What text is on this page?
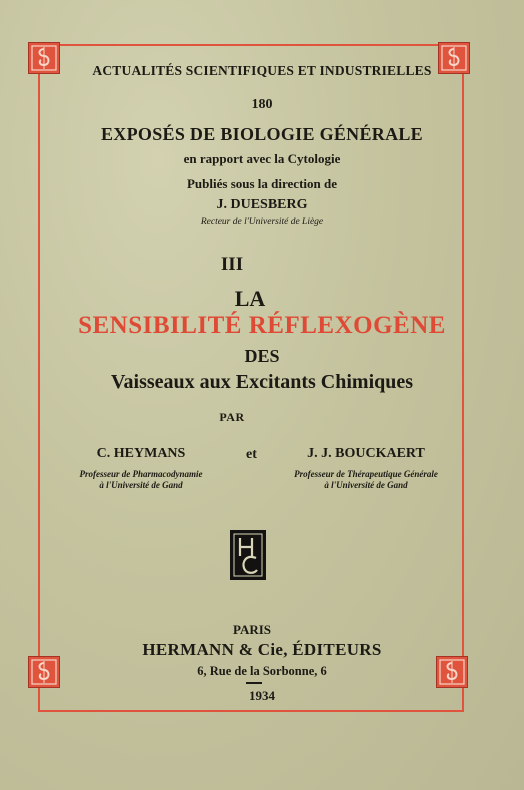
ACTUALITÉS SCIENTIFIQUES ET INDUSTRIELLES
180
EXPOSÉS DE BIOLOGIE GÉNÉRALE
en rapport avec la Cytologie
Publiés sous la direction de
J. DUESBERG
Recteur de l'Université de Liège
III
LA
SENSIBILITÉ RÉFLEXOGÈNE
DES
Vaisseaux aux Excitants Chimiques
PAR
C. HEYMANS	et	J. J. BOUCKAERT
Professeur de Pharmacodynamie
à l'Université de Gand
Professeur de Thérapeutique Générale
à l'Université de Gand
PARIS
HERMANN & Cie, ÉDITEURS
6, Rue de la Sorbonne, 6
1934
